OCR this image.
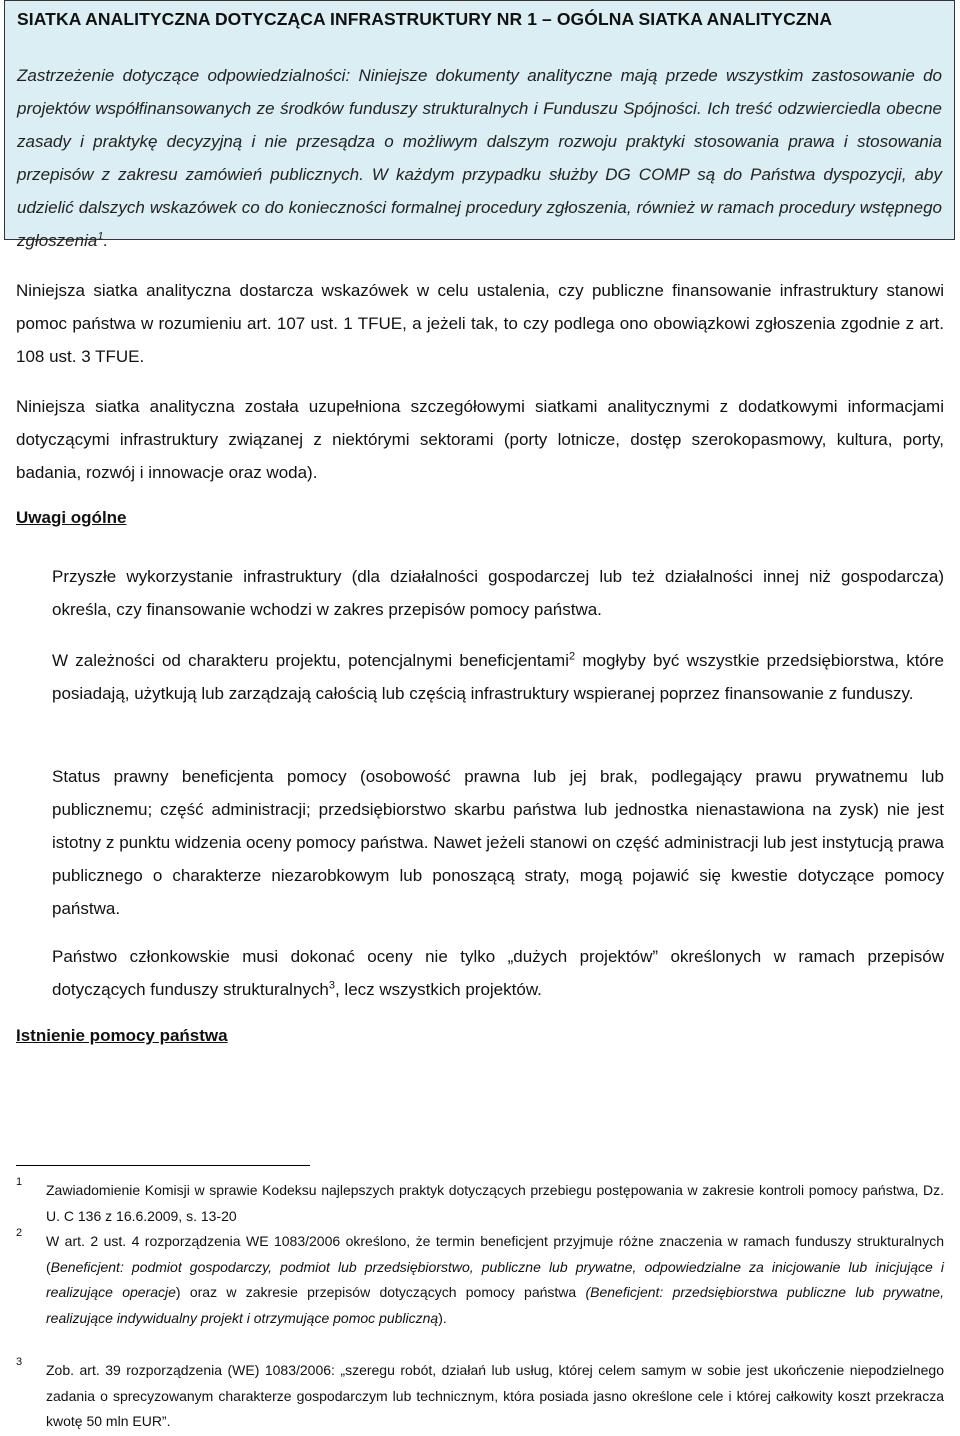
SIATKA ANALITYCZNA DOTYCZĄCA INFRASTRUKTURY NR 1 – OGÓLNA SIATKA ANALITYCZNA
Zastrzeżenie dotyczące odpowiedzialności: Niniejsze dokumenty analityczne mają przede wszystkim zastosowanie do projektów współfinansowanych ze środków funduszy strukturalnych i Funduszu Spójności. Ich treść odzwierciedla obecne zasady i praktykę decyzyjną i nie przesądza o możliwym dalszym rozwoju praktyki stosowania prawa i stosowania przepisów z zakresu zamówień publicznych. W każdym przypadku służby DG COMP są do Państwa dyspozycji, aby udzielić dalszych wskazówek co do konieczności formalnej procedury zgłoszenia, również w ramach procedury wstępnego zgłoszenia$^1$.
Niniejsza siatka analityczna dostarcza wskazówek w celu ustalenia, czy publiczne finansowanie infrastruktury stanowi pomoc państwa w rozumieniu art. 107 ust. 1 TFUE, a jeżeli tak, to czy podlega ono obowiązkowi zgłoszenia zgodnie z art. 108 ust. 3 TFUE.
Niniejsza siatka analityczna została uzupełniona szczegółowymi siatkami analitycznymi z dodatkowymi informacjami dotyczącymi infrastruktury związanej z niektórymi sektorami (porty lotnicze, dostęp szerokopasmowy, kultura, porty, badania, rozwój i innowacje oraz woda).
Uwagi ogólne
Przyszłe wykorzystanie infrastruktury (dla działalności gospodarczej lub też działalności innej niż gospodarcza) określa, czy finansowanie wchodzi w zakres przepisów pomocy państwa.
W zależności od charakteru projektu, potencjalnymi beneficjentami$^2$ mogłyby być wszystkie przedsiębiorstwa, które posiadają, użytkują lub zarządzają całością lub częścią infrastruktury wspieranej poprzez finansowanie z funduszy.
Status prawny beneficjenta pomocy (osobowość prawna lub jej brak, podlegający prawu prywatnemu lub publicznemu; część administracji; przedsiębiorstwo skarbu państwa lub jednostka nienastawiona na zysk) nie jest istotny z punktu widzenia oceny pomocy państwa. Nawet jeżeli stanowi on część administracji lub jest instytucją prawa publicznego o charakterze niezarobkowym lub ponoszącą straty, mogą pojawić się kwestie dotyczące pomocy państwa.
Państwo członkowskie musi dokonać oceny nie tylko „dużych projektów” określonych w ramach przepisów dotyczących funduszy strukturalnych$^3$, lecz wszystkich projektów.
Istnienie pomocy państwa
1 Zawiadomienie Komisji w sprawie Kodeksu najlepszych praktyk dotyczących przebiegu postępowania w zakresie kontroli pomocy państwa, Dz. U. C 136 z 16.6.2009, s. 13-20
2 W art. 2 ust. 4 rozporządzenia WE 1083/2006 określono, że termin beneficjent przyjmuje różne znaczenia w ramach funduszy strukturalnych (Beneficjent: podmiot gospodarczy, podmiot lub przedsiębiorstwo, publiczne lub prywatne, odpowiedzialne za inicjowanie lub inicjujące i realizujące operacje) oraz w zakresie przepisów dotyczących pomocy państwa (Beneficjent: przedsiębiorstwa publiczne lub prywatne, realizujące indywidualny projekt i otrzymujące pomoc publiczną).
3 Zob. art. 39 rozporządzenia (WE) 1083/2006: „szeregu robót, działań lub usług, której celem samym w sobie jest ukończenie niepodzielnego zadania o sprecyzowanym charakterze gospodarczym lub technicznym, która posiada jasno określone cele i której całkowity koszt przekracza kwotę 50 mln EUR”.
